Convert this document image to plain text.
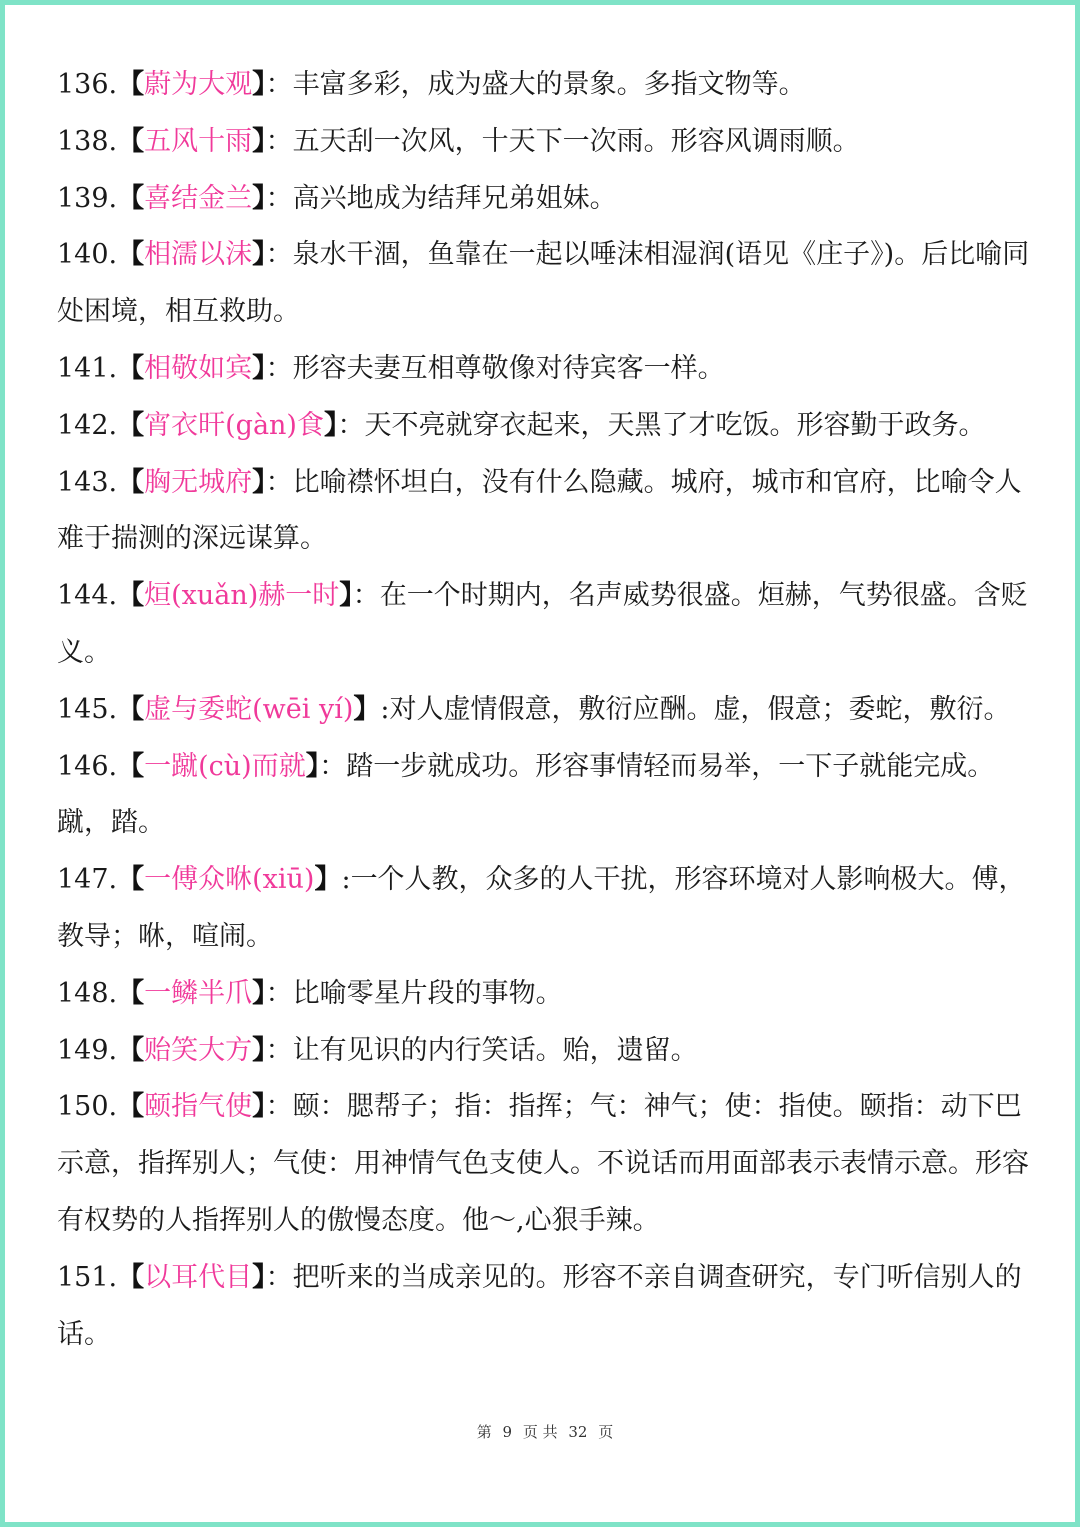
136.【蔚为大观】：丰富多彩，成为盛大的景象。多指文物等。

138.【五风十雨】：五天刮一次风，十天下一次雨。形容风调雨顺。

139.【喜结金兰】：高兴地成为结拜兄弟姐妹。

140.【相濡以沫】：泉水干涸，鱼靠在一起以唾沫相湿润(语见《庄子》)。后比喻同处困境，相互救助。

141.【相敬如宾】：形容夫妻互相尊敬像对待宾客一样。

142.【宵衣旰(gàn)食】：天不亮就穿衣起来，天黑了才吃饭。形容勤于政务。

143.【胸无城府】：比喻襟怀坦白，没有什么隐藏。城府，城市和官府，比喻令人难于揣测的深远谋算。

144.【烜(xuǎn)赫一时】：在一个时期内，名声威势很盛。烜赫，气势很盛。含贬义。

145.【虚与委蛇(wēi yí)】:对人虚情假意，敷衍应酬。虚，假意；委蛇，敷衍。

146.【一蹴(cù)而就】：踏一步就成功。形容事情轻而易举，一下子就能完成。蹴，踏。

147.【一傅众咻(xiū)】:一个人教，众多的人干扰，形容环境对人影响极大。傅，教导；咻，喧闹。

148.【一鳞半爪】：比喻零星片段的事物。

149.【贻笑大方】：让有见识的内行笑话。贻，遗留。

150.【颐指气使】：颐：腮帮子；指：指挥；气：神气；使：指使。颐指：动下巴示意，指挥别人；气使：用神情气色支使人。不说话而用面部表示表情示意。形容有权势的人指挥别人的傲慢态度。他～,心狠手辣。

151.【以耳代目】：把听来的当成亲见的。形容不亲自调查研究，专门听信别人的话。

第 9 页 共 32 页
